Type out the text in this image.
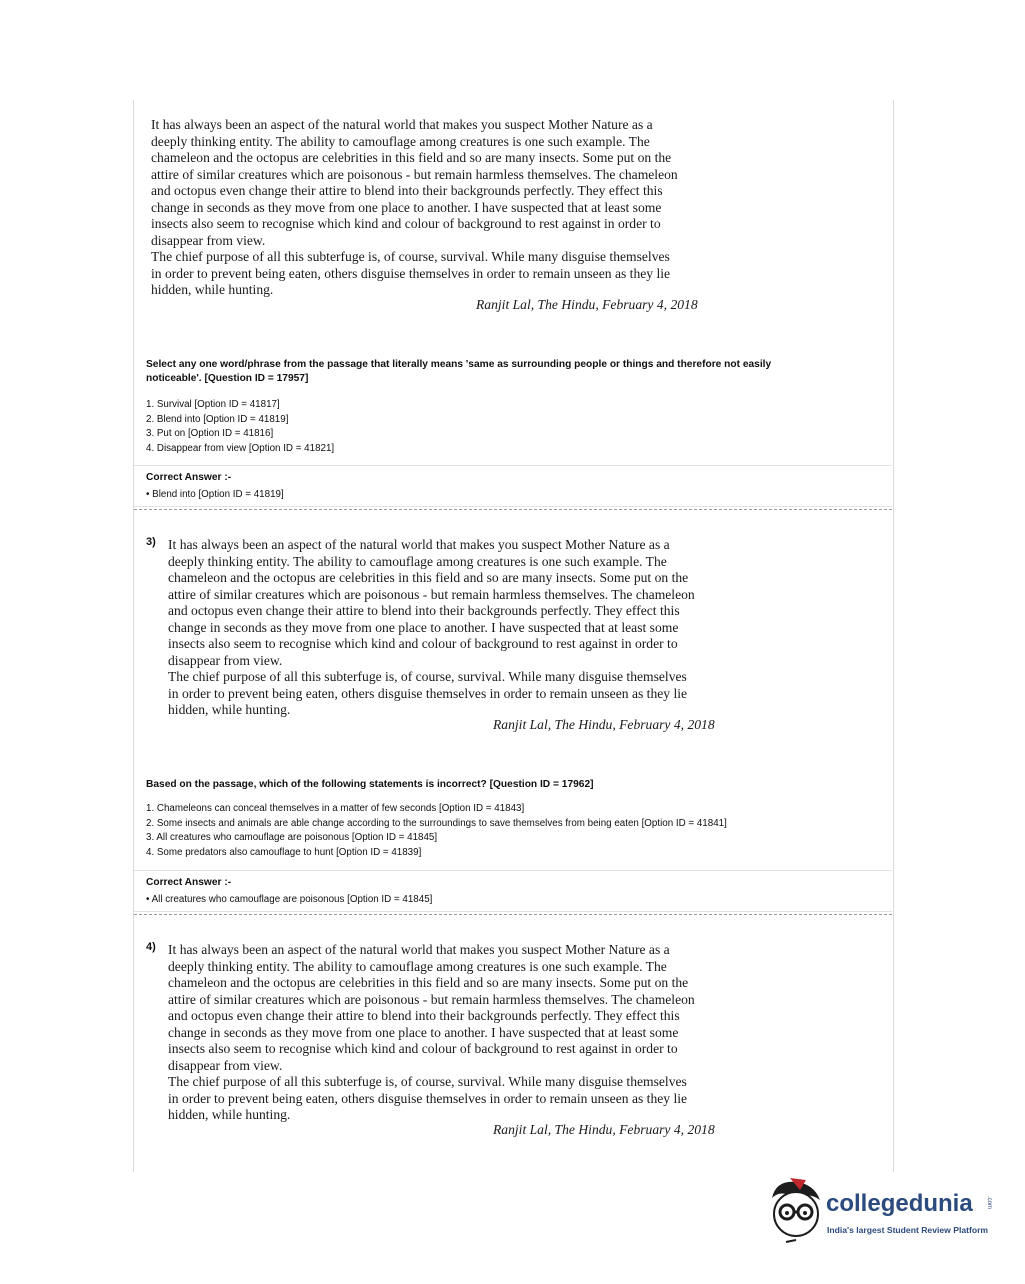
It has always been an aspect of the natural world that makes you suspect Mother Nature as a

deeply thinking entity. The ability to camouflage among creatures is one such example. The

chameleon and the octopus are celebrities in this field and so are many insects. Some put on the

attire of similar creatures which are poisonous - but remain harmless themselves. The chameleon

and octopus even change their attire to blend into their backgrounds perfectly. They effect this

change in seconds as they move from one place to another. I have suspected that at least some

insects also seem to recognise which kind and colour of background to rest against in order to

disappear from view.

The chief purpose of all this subterfuge is, of course, survival. While many disguise themselves

in order to prevent being eaten, others disguise themselves in order to remain unseen as they lie

hidden, while hunting.

Ranjit Lal, The Hindu, February 4, 2018
Select any one word/phrase from the passage that literally means 'same as surrounding people or things and therefore not easily
noticeable'. [Question ID = 17957]
1. Survival [Option ID = 41817]
2. Blend into [Option ID = 41819]
3. Put on [Option ID = 41816]
4. Disappear from view [Option ID = 41821]
Correct Answer :-
• Blend into [Option ID = 41819]
3) It has always been an aspect of the natural world that makes you suspect Mother Nature as a

deeply thinking entity. The ability to camouflage among creatures is one such example. The

chameleon and the octopus are celebrities in this field and so are many insects. Some put on the

attire of similar creatures which are poisonous - but remain harmless themselves. The chameleon

and octopus even change their attire to blend into their backgrounds perfectly. They effect this

change in seconds as they move from one place to another. I have suspected that at least some

insects also seem to recognise which kind and colour of background to rest against in order to

disappear from view.

The chief purpose of all this subterfuge is, of course, survival. While many disguise themselves

in order to prevent being eaten, others disguise themselves in order to remain unseen as they lie

hidden, while hunting.

Ranjit Lal, The Hindu, February 4, 2018
Based on the passage, which of the following statements is incorrect? [Question ID = 17962]
1. Chameleons can conceal themselves in a matter of few seconds [Option ID = 41843]
2. Some insects and animals are able change according to the surroundings to save themselves from being eaten [Option ID = 41841]
3. All creatures who camouflage are poisonous [Option ID = 41845]
4. Some predators also camouflage to hunt [Option ID = 41839]
Correct Answer :-
• All creatures who camouflage are poisonous [Option ID = 41845]
4) It has always been an aspect of the natural world that makes you suspect Mother Nature as a

deeply thinking entity. The ability to camouflage among creatures is one such example. The

chameleon and the octopus are celebrities in this field and so are many insects. Some put on the

attire of similar creatures which are poisonous - but remain harmless themselves. The chameleon

and octopus even change their attire to blend into their backgrounds perfectly. They effect this

change in seconds as they move from one place to another. I have suspected that at least some

insects also seem to recognise which kind and colour of background to rest against in order to

disappear from view.

The chief purpose of all this subterfuge is, of course, survival. While many disguise themselves

in order to prevent being eaten, others disguise themselves in order to remain unseen as they lie

hidden, while hunting.

Ranjit Lal, The Hindu, February 4, 2018
collegedunia .com
India's largest Student Review Platform
